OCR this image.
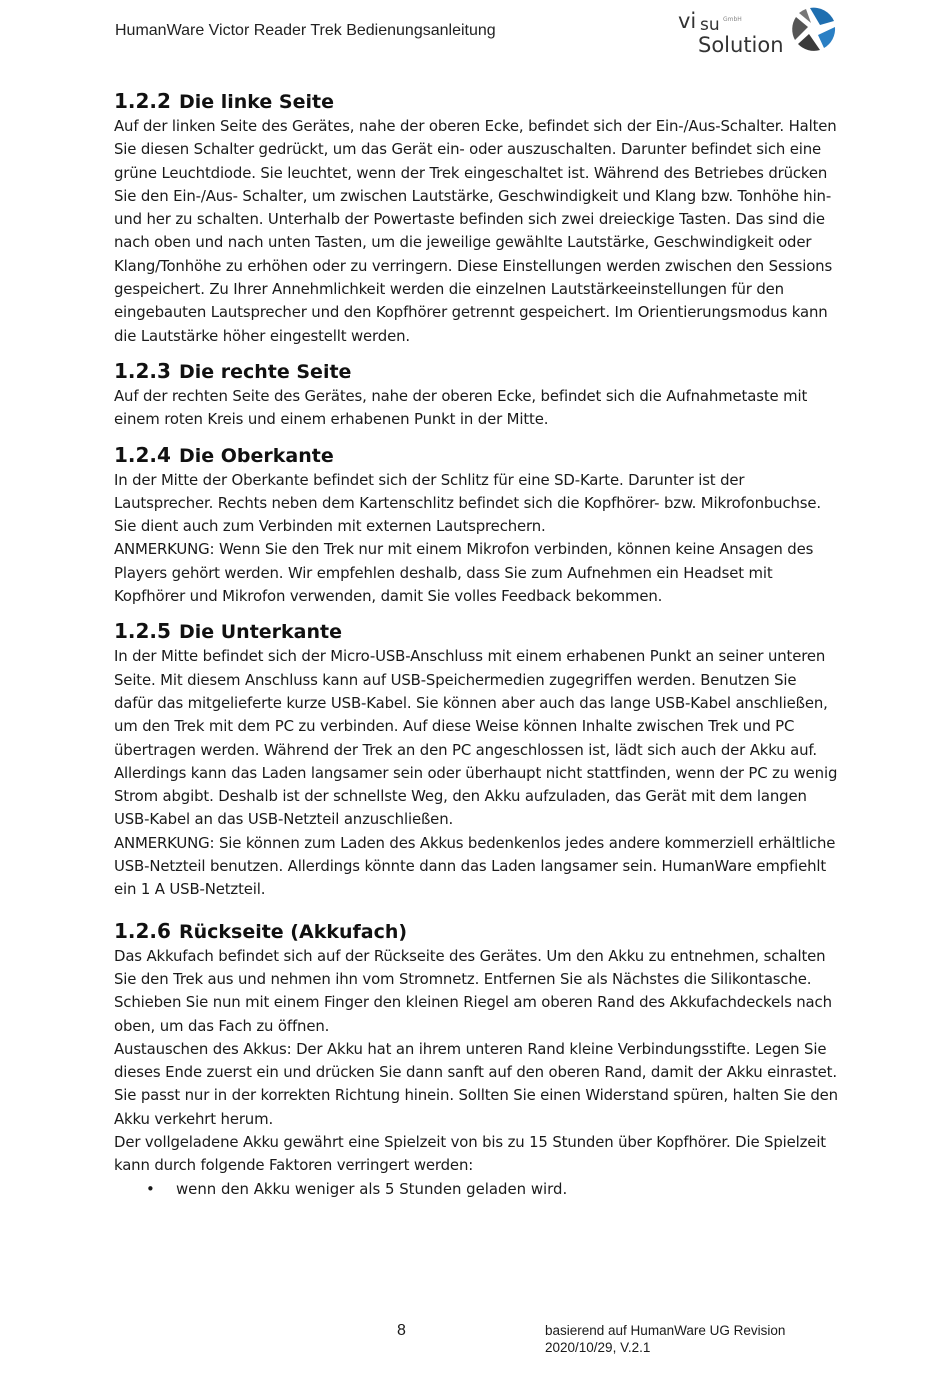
HumanWare Victor Reader Trek Bedienungsanleitung	vi su
Solution
GmbH
1.2.2 Die linke Seite

Auf der linken Seite des Gerätes, nahe der oberen Ecke, befindet sich der Ein-/Aus-Schalter. Halten Sie diesen Schalter gedrückt, um das Gerät ein- oder auszuschalten. Darunter befindet sich eine grüne Leuchtdiode. Sie leuchtet, wenn der Trek eingeschaltet ist. Während des Betriebes drücken Sie den Ein-/Aus- Schalter, um zwischen Lautstärke, Geschwindigkeit und Klang bzw. Tonhöhe hin- und her zu schalten. Unterhalb der Powertaste befinden sich zwei dreieckige Tasten. Das sind die nach oben und nach unten Tasten, um die jeweilige gewählte Lautstärke, Geschwindigkeit oder Klang/Tonhöhe zu erhöhen oder zu verringern. Diese Einstellungen werden zwischen den Sessions gespeichert. Zu Ihrer Annehmlichkeit werden die einzelnen Lautstärkeeinstellungen für den eingebauten Lautsprecher und den Kopfhörer getrennt gespeichert. Im Orientierungsmodus kann die Lautstärke höher eingestellt werden.

1.2.3 Die rechte Seite

Auf der rechten Seite des Gerätes, nahe der oberen Ecke, befindet sich die Aufnahmetaste mit einem roten Kreis und einem erhabenen Punkt in der Mitte.

1.2.4 Die Oberkante

In der Mitte der Oberkante befindet sich der Schlitz für eine SD-Karte. Darunter ist der Lautsprecher. Rechts neben dem Kartenschlitz befindet sich die Kopfhörer- bzw. Mikrofonbuchse. Sie dient auch zum Verbinden mit externen Lautsprechern.

ANMERKUNG: Wenn Sie den Trek nur mit einem Mikrofon verbinden, können keine Ansagen des Players gehört werden. Wir empfehlen deshalb, dass Sie zum Aufnehmen ein Headset mit Kopfhörer und Mikrofon verwenden, damit Sie volles Feedback bekommen.

1.2.5 Die Unterkante

In der Mitte befindet sich der Micro-USB-Anschluss mit einem erhabenen Punkt an seiner unteren Seite. Mit diesem Anschluss kann auf USB-Speichermedien zugegriffen werden. Benutzen Sie dafür das mitgelieferte kurze USB-Kabel. Sie können aber auch das lange USB-Kabel anschließen, um den Trek mit dem PC zu verbinden. Auf diese Weise können Inhalte zwischen Trek und PC übertragen werden. Während der Trek an den PC angeschlossen ist, lädt sich auch der Akku auf. Allerdings kann das Laden langsamer sein oder überhaupt nicht stattfinden, wenn der PC zu wenig Strom abgibt. Deshalb ist der schnellste Weg, den Akku aufzuladen, das Gerät mit dem langen USB-Kabel an das USB-Netzteil anzuschließen.

ANMERKUNG: Sie können zum Laden des Akkus bedenkenlos jedes andere kommerziell erhältliche USB-Netzteil benutzen. Allerdings könnte dann das Laden langsamer sein. HumanWare empfiehlt ein 1 A USB-Netzteil.

1.2.6 Rückseite (Akkufach)

Das Akkufach befindet sich auf der Rückseite des Gerätes. Um den Akku zu entnehmen, schalten Sie den Trek aus und nehmen ihn vom Stromnetz. Entfernen Sie als Nächstes die Silikontasche. Schieben Sie nun mit einem Finger den kleinen Riegel am oberen Rand des Akkufachdeckels nach oben, um das Fach zu öffnen.

Austauschen des Akkus: Der Akku hat an ihrem unteren Rand kleine Verbindungsstifte. Legen Sie dieses Ende zuerst ein und drücken Sie dann sanft auf den oberen Rand, damit der Akku einrastet. Sie passt nur in der korrekten Richtung hinein. Sollten Sie einen Widerstand spüren, halten Sie den Akku verkehrt herum.

Der vollgeladene Akku gewährt eine Spielzeit von bis zu 15 Stunden über Kopfhörer. Die Spielzeit kann durch folgende Faktoren verringert werden:

• wenn den Akku weniger als 5 Stunden geladen wird.
8	basierend auf HumanWare UG Revision
2020/10/29, V.2.1
